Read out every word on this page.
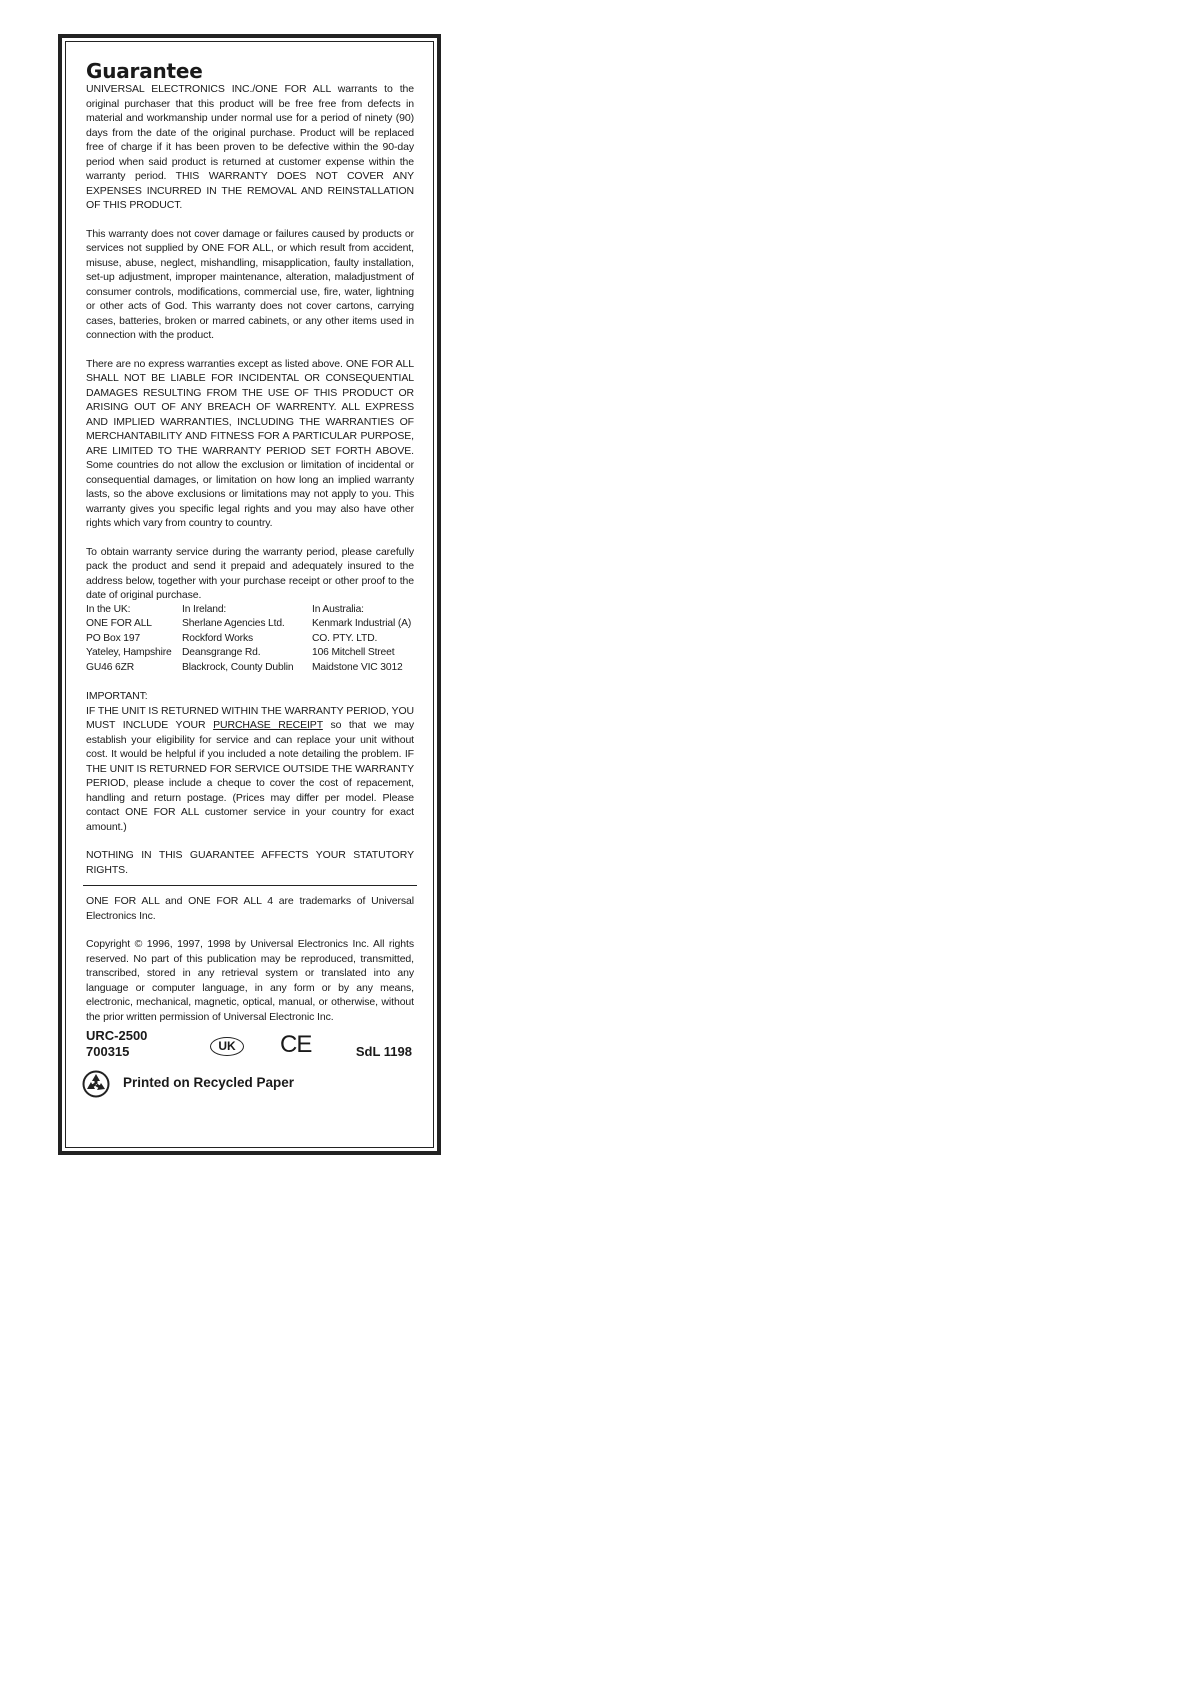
Guarantee

UNIVERSAL ELECTRONICS INC./ONE FOR ALL warrants to the original purchaser that this product will be free free from defects in material and workmanship under normal use for a period of ninety (90) days from the date of the original purchase. Product will be replaced free of charge if it has been proven to be defective within the 90-day period when said product is returned at customer expense within the warranty period. THIS WARRANTY DOES NOT COVER ANY EXPENSES INCURRED IN THE REMOVAL AND REINSTALLATION OF THIS PRODUCT.

This warranty does not cover damage or failures caused by products or services not supplied by ONE FOR ALL, or which result from accident, misuse, abuse, neglect, mishandling, misapplication, faulty installation, set-up adjustment, improper maintenance, alteration, maladjustment of consumer controls, modifications, commercial use, fire, water, lightning or other acts of God. This warranty does not cover cartons, carrying cases, batteries, broken or marred cabinets, or any other items used in connection with the product.

There are no express warranties except as listed above. ONE FOR ALL SHALL NOT BE LIABLE FOR INCIDENTAL OR CONSEQUENTIAL DAMAGES RESULTING FROM THE USE OF THIS PRODUCT OR ARISING OUT OF ANY BREACH OF WARRENTY. ALL EXPRESS AND IMPLIED WARRANTIES, INCLUDING THE WARRANTIES OF MERCHANTABILITY AND FITNESS FOR A PARTICULAR PURPOSE, ARE LIMITED TO THE WARRANTY PERIOD SET FORTH ABOVE. Some countries do not allow the exclusion or limitation of incidental or consequential damages, or limitation on how long an implied warranty lasts, so the above exclusions or limitations may not apply to you. This warranty gives you specific legal rights and you may also have other rights which vary from country to country.

To obtain warranty service during the warranty period, please carefully pack the product and send it prepaid and adequately insured to the address below, together with your purchase receipt or other proof to the date of original purchase.

In the UK:	In Ireland:	In Australia:
ONE FOR ALL	Sherlane Agencies Ltd.	Kenmark Industrial (A)
PO Box 197	Rockford Works	CO. PTY. LTD.
Yateley, Hampshire	Deansgrange Rd.	106 Mitchell Street
GU46 6ZR	Blackrock, County Dublin	Maidstone VIC 3012

IMPORTANT:

IF THE UNIT IS RETURNED WITHIN THE WARRANTY PERIOD, YOU MUST INCLUDE YOUR PURCHASE RECEIPT so that we may establish your eligibility for service and can replace your unit without cost. It would be helpful if you included a note detailing the problem. IF THE UNIT IS RETURNED FOR SERVICE OUTSIDE THE WARRANTY PERIOD, please include a cheque to cover the cost of repacement, handling and return postage. (Prices may differ per model. Please contact ONE FOR ALL customer service in your country for exact amount.)

NOTHING IN THIS GUARANTEE AFFECTS YOUR STATUTORY RIGHTS.

ONE FOR ALL and ONE FOR ALL 4 are trademarks of Universal Electronics Inc.

Copyright © 1996, 1997, 1998 by Universal Electronics Inc. All rights reserved. No part of this publication may be reproduced, transmitted, transcribed, stored in any retrieval system or translated into any language or computer language, in any form or by any means, electronic, mechanical, magnetic, optical, manual, or otherwise, without the prior written permission of Universal Electronic Inc.

URC-2500
700315	UK	CE	SdL 1198
Printed on Recycled Paper
